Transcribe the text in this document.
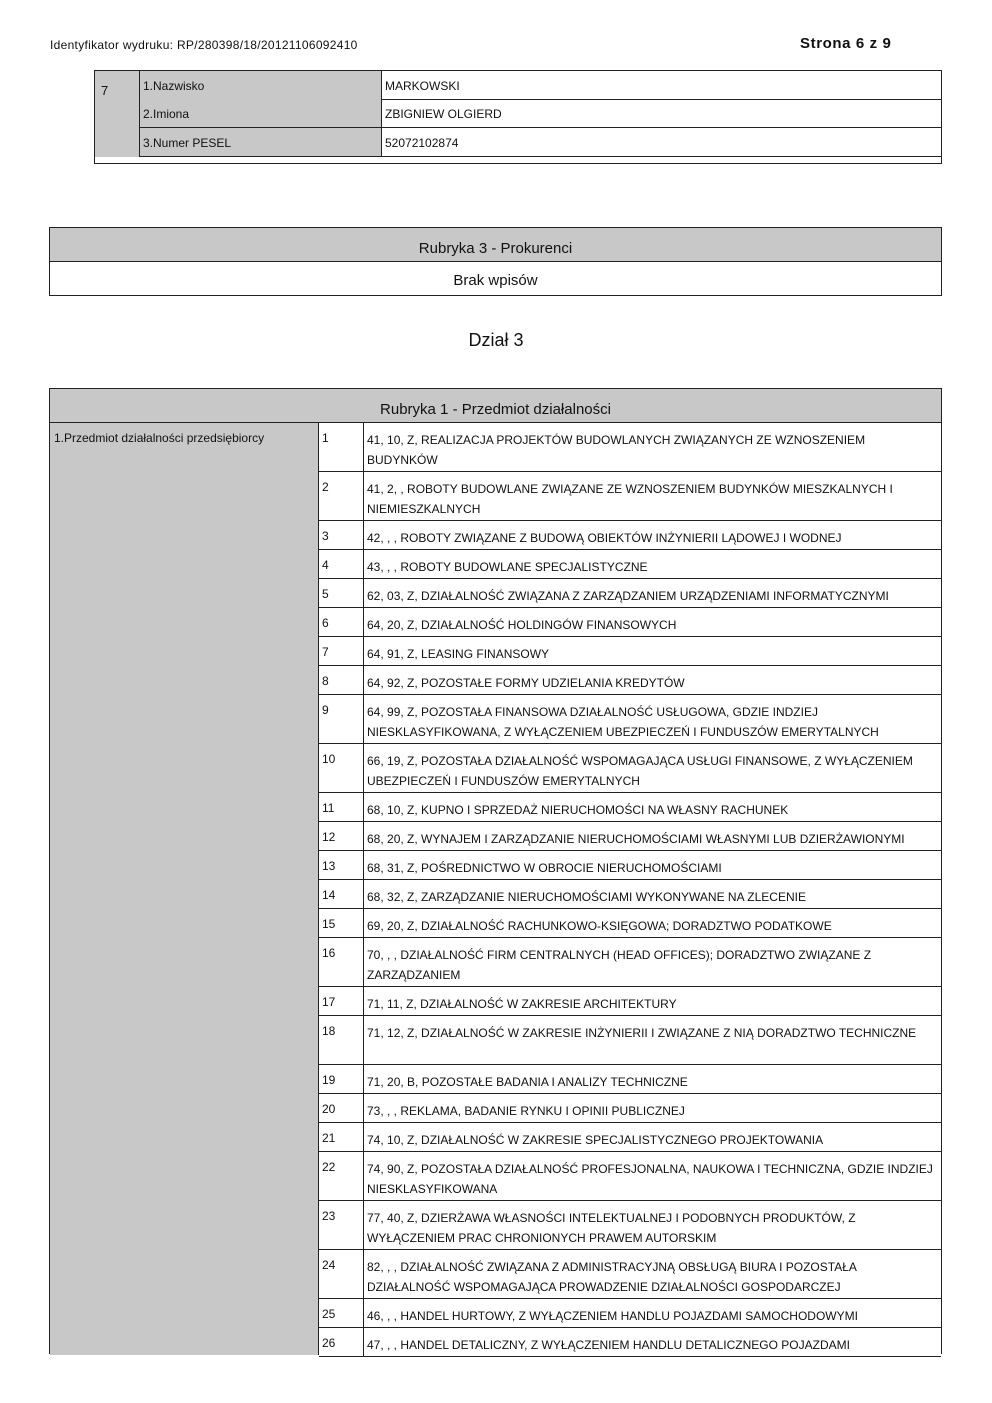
Identyfikator wydruku: RP/280398/18/20121106092410	Strona 6 z 9
7	1.Nazwisko	MARKOWSKI
2.Imiona	ZBIGNIEW OLGIERD
3.Numer PESEL	52072102874
Rubryka 3 - Prokurenci
Brak wpisów
Dział 3
Rubryka 1 - Przedmiot działalności
1.Przedmiot działalności przedsiębiorcy	1	41, 10, Z, REALIZACJA PROJEKTÓW BUDOWLANYCH ZWIĄZANYCH ZE WZNOSZENIEM BUDYNKÓW
2	41, 2, , ROBOTY BUDOWLANE ZWIĄZANE ZE WZNOSZENIEM BUDYNKÓW MIESZKALNYCH I NIEMIESZKALNYCH
3	42, , , ROBOTY ZWIĄZANE Z BUDOWĄ OBIEKTÓW INŻYNIERII LĄDOWEJ I WODNEJ
4	43, , , ROBOTY BUDOWLANE SPECJALISTYCZNE
5	62, 03, Z, DZIAŁALNOŚĆ ZWIĄZANA Z ZARZĄDZANIEM URZĄDZENIAMI INFORMATYCZNYMI
6	64, 20, Z, DZIAŁALNOŚĆ HOLDINGÓW FINANSOWYCH
7	64, 91, Z, LEASING FINANSOWY
8	64, 92, Z, POZOSTAŁE FORMY UDZIELANIA KREDYTÓW
9	64, 99, Z, POZOSTAŁA FINANSOWA DZIAŁALNOŚĆ USŁUGOWA, GDZIE INDZIEJ NIESKLASYFIKOWANA, Z WYŁĄCZENIEM UBEZPIECZEŃ I FUNDUSZÓW EMERYTALNYCH
10	66, 19, Z, POZOSTAŁA DZIAŁALNOŚĆ WSPOMAGAJĄCA USŁUGI FINANSOWE, Z WYŁĄCZENIEM UBEZPIECZEŃ I FUNDUSZÓW EMERYTALNYCH
11	68, 10, Z, KUPNO I SPRZEDAŻ NIERUCHOMOŚCI NA WŁASNY RACHUNEK
12	68, 20, Z, WYNAJEM I ZARZĄDZANIE NIERUCHOMOŚCIAMI WŁASNYMI LUB DZIERŻAWIONYMI
13	68, 31, Z, POŚREDNICTWO W OBROCIE NIERUCHOMOŚCIAMI
14	68, 32, Z, ZARZĄDZANIE NIERUCHOMOŚCIAMI WYKONYWANE NA ZLECENIE
15	69, 20, Z, DZIAŁALNOŚĆ RACHUNKOWO-KSIĘGOWA; DORADZTWO PODATKOWE
16	70, , , DZIAŁALNOŚĆ FIRM CENTRALNYCH (HEAD OFFICES); DORADZTWO ZWIĄZANE Z ZARZĄDZANIEM
17	71, 11, Z, DZIAŁALNOŚĆ W ZAKRESIE ARCHITEKTURY
18	71, 12, Z, DZIAŁALNOŚĆ W ZAKRESIE INŻYNIERII I ZWIĄZANE Z NIĄ DORADZTWO TECHNICZNE
19	71, 20, B, POZOSTAŁE BADANIA I ANALIZY TECHNICZNE
20	73, , , REKLAMA, BADANIE RYNKU I OPINII PUBLICZNEJ
21	74, 10, Z, DZIAŁALNOŚĆ W ZAKRESIE SPECJALISTYCZNEGO PROJEKTOWANIA
22	74, 90, Z, POZOSTAŁA DZIAŁALNOŚĆ PROFESJONALNA, NAUKOWA I TECHNICZNA, GDZIE INDZIEJ NIESKLASYFIKOWANA
23	77, 40, Z, DZIERŻAWA WŁASNOŚCI INTELEKTUALNEJ I PODOBNYCH PRODUKTÓW, Z WYŁĄCZENIEM PRAC CHRONIONYCH PRAWEM AUTORSKIM
24	82, , , DZIAŁALNOŚĆ ZWIĄZANA Z ADMINISTRACYJNĄ OBSŁUGĄ BIURA I POZOSTAŁA DZIAŁALNOŚĆ WSPOMAGAJĄCA PROWADZENIE DZIAŁALNOŚCI GOSPODARCZEJ
25	46, , , HANDEL HURTOWY, Z WYŁĄCZENIEM HANDLU POJAZDAMI SAMOCHODOWYMI
26	47, , , HANDEL DETALICZNY, Z WYŁĄCZENIEM HANDLU DETALICZNEGO POJAZDAMI
